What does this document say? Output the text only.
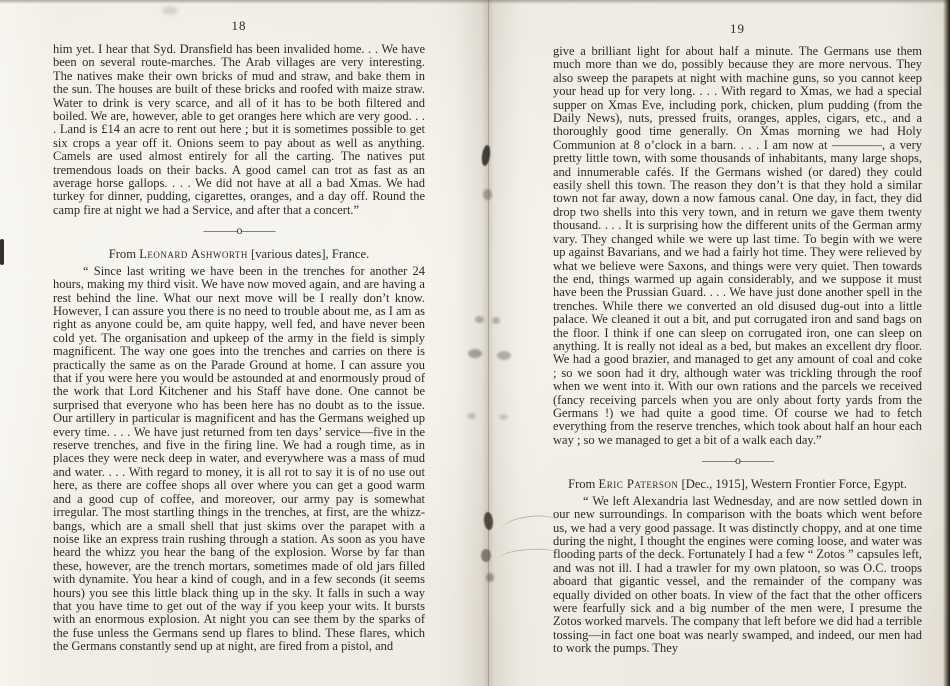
18

him yet. I hear that Syd. Dransfield has been invalided home. . . We have been on several route-marches. The Arab villages are very interesting. The natives make their own bricks of mud and straw, and bake them in the sun. The houses are built of these bricks and roofed with maize straw. Water to drink is very scarce, and all of it has to be both filtered and boiled. We are, however, able to get oranges here which are very good. . . . Land is £14 an acre to rent out here ; but it is sometimes possible to get six crops a year off it. Onions seem to pay about as well as anything. Camels are used almost entirely for all the carting. The natives put tremendous loads on their backs. A good camel can trot as fast as an average horse gallops. . . . We did not have at all a bad Xmas. We had turkey for dinner, pudding, cigarettes, oranges, and a day off. Round the camp fire at night we had a Service, and after that a concert.”

———o———
From Leonard Ashworth [various dates], France.

“ Since last writing we have been in the trenches for another 24 hours, making my third visit. We have now moved again, and are having a rest behind the line. What our next move will be I really don’t know. However, I can assure you there is no need to trouble about me, as I am as right as anyone could be, am quite happy, well fed, and have never been cold yet. The organisation and upkeep of the army in the field is simply magnificent. The way one goes into the trenches and carries on there is practically the same as on the Parade Ground at home. I can assure you that if you were here you would be astounded at and enormously proud of the work that Lord Kitchener and his Staff have done. One cannot be surprised that everyone who has been here has no doubt as to the issue. Our artillery in particular is magnificent and has the Germans weighed up every time. . . . We have just returned from ten days’ service—five in the reserve trenches, and five in the firing line. We had a rough time, as in places they were neck deep in water, and everywhere was a mass of mud and water. . . . With regard to money, it is all rot to say it is of no use out here, as there are coffee shops all over where you can get a good warm and a good cup of coffee, and moreover, our army pay is somewhat irregular. The most startling things in the trenches, at first, are the whizz-bangs, which are a small shell that just skims over the parapet with a noise like an express train rushing through a station. As soon as you have heard the whizz you hear the bang of the explosion. Worse by far than these, however, are the trench mortars, sometimes made of old jars filled with dynamite. You hear a kind of cough, and in a few seconds (it seems hours) you see this little black thing up in the sky. It falls in such a way that you have time to get out of the way if you keep your wits. It bursts with an enormous explosion. At night you can see them by the sparks of the fuse unless the Germans send up flares to blind. These flares, which the Germans constantly send up at night, are fired from a pistol, and

19

give a brilliant light for about half a minute. The Germans use them much more than we do, possibly because they are more nervous. They also sweep the parapets at night with machine guns, so you cannot keep your head up for very long. . . . With regard to Xmas, we had a special supper on Xmas Eve, including pork, chicken, plum pudding (from the Daily News), nuts, pressed fruits, oranges, apples, cigars, etc., and a thoroughly good time generally. On Xmas morning we had Holy Communion at 8 o’clock in a barn. . . . I am now at ————, a very pretty little town, with some thousands of inhabitants, many large shops, and innumerable cafés. If the Germans wished (or dared) they could easily shell this town. The reason they don’t is that they hold a similar town not far away, down a now famous canal. One day, in fact, they did drop two shells into this very town, and in return we gave them twenty thousand. . . . It is surprising how the different units of the German army vary. They changed while we were up last time. To begin with we were up against Bavarians, and we had a fairly hot time. They were relieved by what we believe were Saxons, and things were very quiet. Then towards the end, things warmed up again considerably, and we suppose it must have been the Prussian Guard. . . . We have just done another spell in the trenches. While there we converted an old disused dug-out into a little palace. We cleaned it out a bit, and put corrugated iron and sand bags on the floor. I think if one can sleep on corrugated iron, one can sleep on anything. It is really not ideal as a bed, but makes an excellent dry floor. We had a good brazier, and managed to get any amount of coal and coke ; so we soon had it dry, although water was trickling through the roof when we went into it. With our own rations and the parcels we received (fancy receiving parcels when you are only about forty yards from the Germans !) we had quite a good time. Of course we had to fetch everything from the reserve trenches, which took about half an hour each way ; so we managed to get a bit of a walk each day.”

———o———
From Eric Paterson [Dec., 1915], Western Frontier Force, Egypt.

“ We left Alexandria last Wednesday, and are now settled down in our new surroundings. In comparison with the boats which went before us, we had a very good passage. It was distinctly choppy, and at one time during the night, I thought the engines were coming loose, and water was flooding parts of the deck. Fortunately I had a few “ Zotos ” capsules left, and was not ill. I had a trawler for my own platoon, so was O.C. troops aboard that gigantic vessel, and the remainder of the company was equally divided on other boats. In view of the fact that the other officers were fearfully sick and a big number of the men were, I presume the Zotos worked marvels. The company that left before we did had a terrible tossing—in fact one boat was nearly swamped, and indeed, our men had to work the pumps. They
